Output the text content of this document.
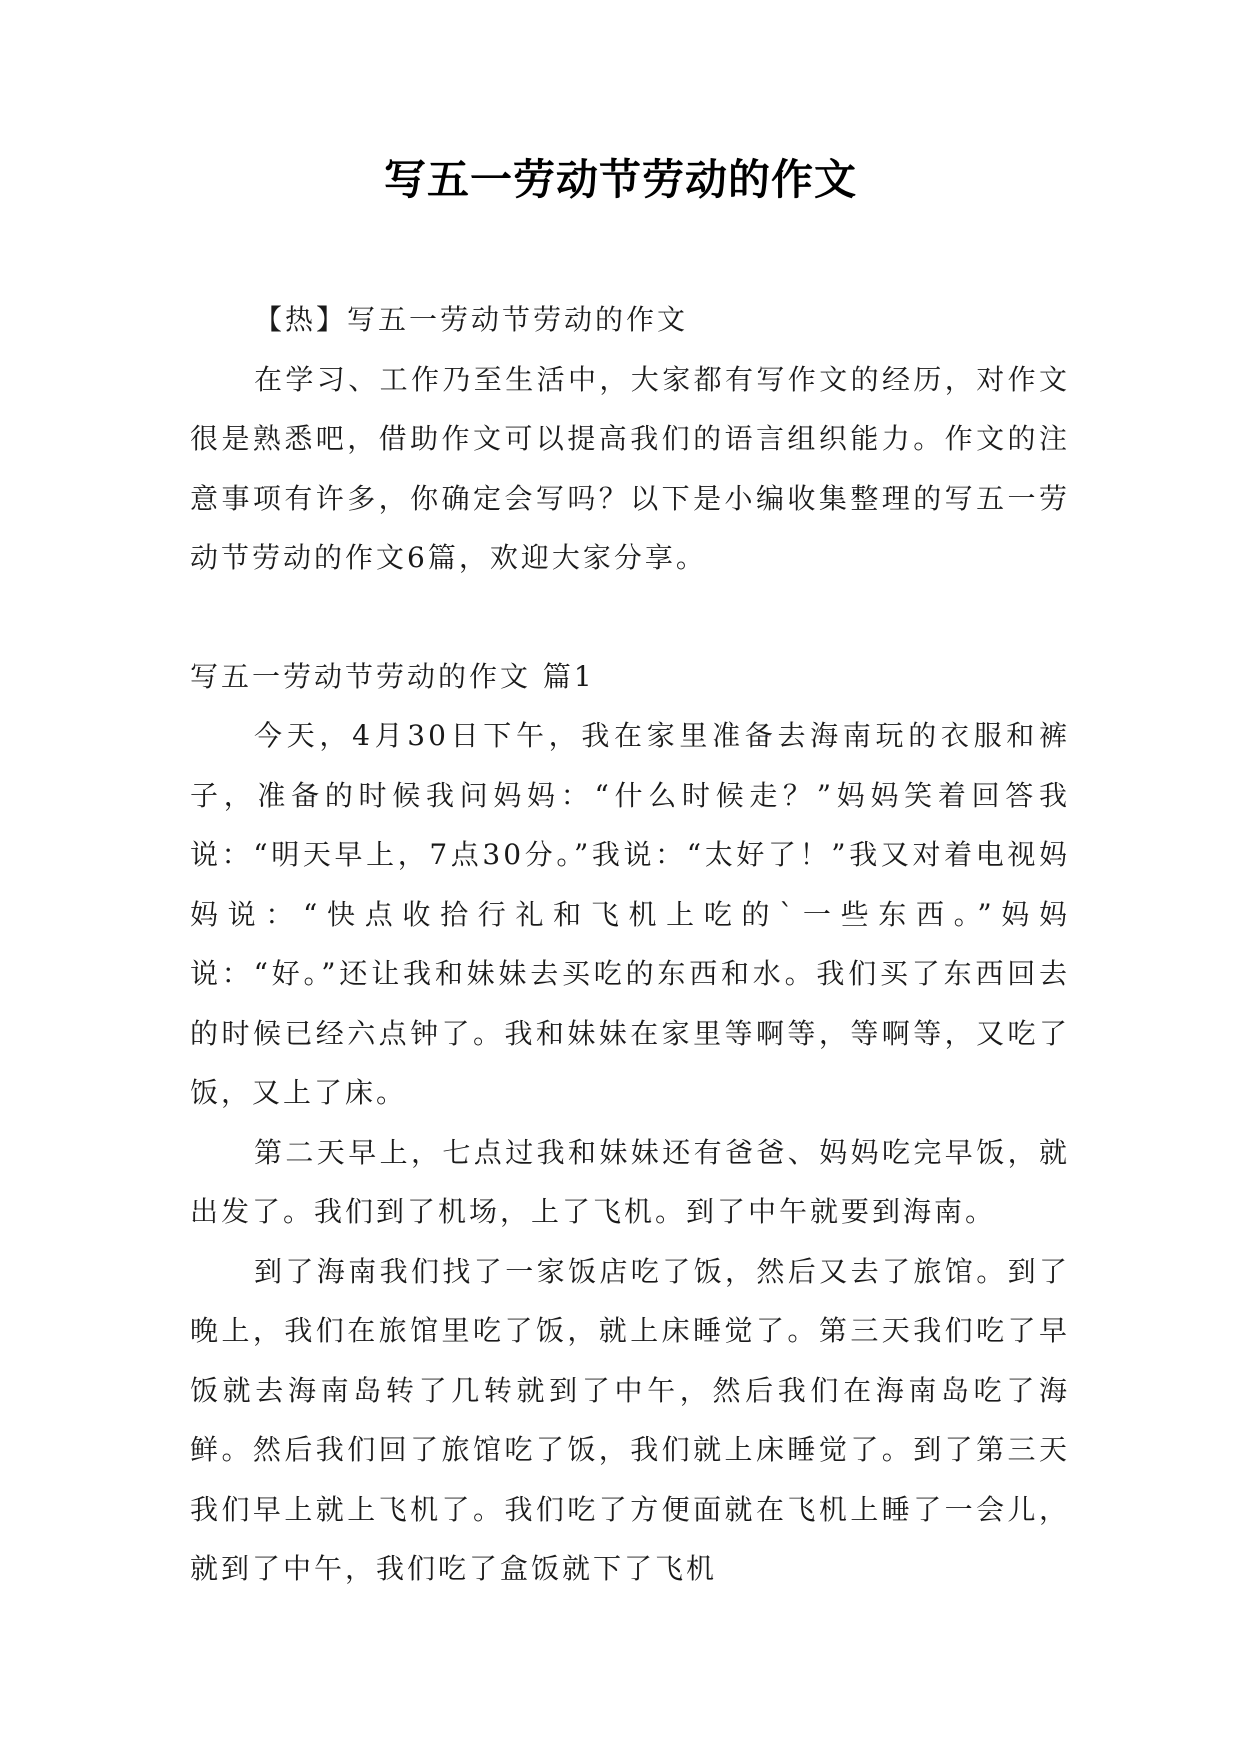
写五一劳动节劳动的作文

【热】写五一劳动节劳动的作文

在学习、工作乃至生活中，大家都有写作文的经历，对作文很是熟悉吧，借助作文可以提高我们的语言组织能力。作文的注意事项有许多，你确定会写吗？以下是小编收集整理的写五一劳动节劳动的作文6篇，欢迎大家分享。

写五一劳动节劳动的作文 篇1

今天，4月30日下午，我在家里准备去海南玩的衣服和裤子，准备的时候我问妈妈：“什么时候走？”妈妈笑着回答我说：“明天早上，7点30分。”我说：“太好了！”我又对着电视妈妈说：“快点收拾行礼和飞机上吃的`一些东西。”妈妈说：“好。”还让我和妹妹去买吃的东西和水。我们买了东西回去的时候已经六点钟了。我和妹妹在家里等啊等，等啊等，又吃了饭，又上了床。

第二天早上，七点过我和妹妹还有爸爸、妈妈吃完早饭，就出发了。我们到了机场，上了飞机。到了中午就要到海南。

到了海南我们找了一家饭店吃了饭，然后又去了旅馆。到了晚上，我们在旅馆里吃了饭，就上床睡觉了。第三天我们吃了早饭就去海南岛转了几转就到了中午，然后我们在海南岛吃了海鲜。然后我们回了旅馆吃了饭，我们就上床睡觉了。到了第三天我们早上就上飞机了。我们吃了方便面就在飞机上睡了一会儿，就到了中午，我们吃了盒饭就下了飞机
